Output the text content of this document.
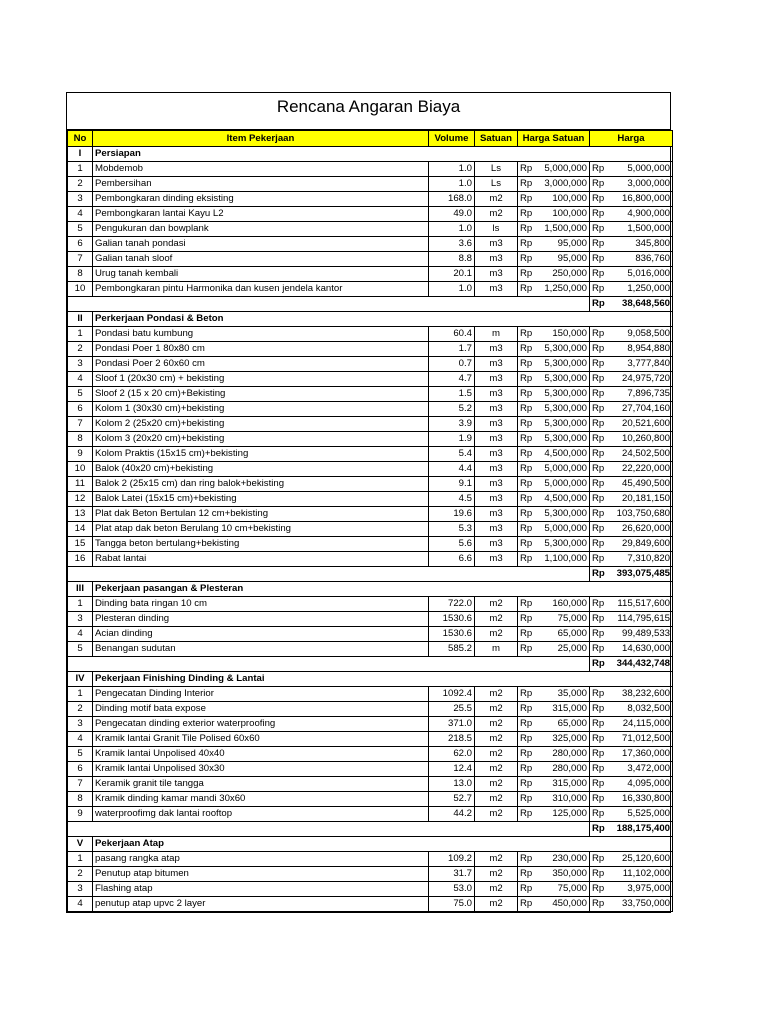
Rencana Angaran Biaya
No	Item Pekerjaan	Volume	Satuan	Harga Satuan	Harga
I	Persiapan				
1	Mobdemob	1.0	Ls	Rp 5,000,000	Rp 5,000,000

2	Pembersihan	1.0	Ls	Rp 3,000,000	Rp 3,000,000

3	Pembongkaran dinding eksisting	168.0	m2	Rp 100,000	Rp 16,800,000

4	Pembongkaran lantai Kayu L2	49.0	m2	Rp 100,000	Rp 4,900,000

5	Pengukuran dan bowplank	1.0	ls	Rp 1,500,000	Rp 1,500,000

6	Galian tanah pondasi	3.6	m3	Rp 95,000	Rp 345,800

7	Galian tanah sloof	8.8	m3	Rp 95,000	Rp 836,760

8	Urug tanah kembali	20.1	m3	Rp 250,000	Rp 5,016,000

10	Pembongkaran pintu Harmonika dan kusen jendela kantor	1.0	m3	Rp 1,250,000	Rp 1,250,000

					Rp 38,648,560

II	Perkerjaan Pondasi & Beton				
1	Pondasi batu kumbung	60.4	m	Rp 150,000	Rp 9,058,500

2	Pondasi Poer 1 80x80 cm	1.7	m3	Rp 5,300,000	Rp 8,954,880

3	Pondasi Poer 2 60x60 cm	0.7	m3	Rp 5,300,000	Rp 3,777,840

4	Sloof 1 (20x30 cm) + bekisting	4.7	m3	Rp 5,300,000	Rp 24,975,720

5	Sloof 2 (15 x 20 cm)+Bekisting	1.5	m3	Rp 5,300,000	Rp 7,896,735

6	Kolom 1 (30x30 cm)+bekisting	5.2	m3	Rp 5,300,000	Rp 27,704,160

7	Kolom 2 (25x20 cm)+bekisting	3.9	m3	Rp 5,300,000	Rp 20,521,600

8	Kolom 3 (20x20 cm)+bekisting	1.9	m3	Rp 5,300,000	Rp 10,260,800

9	Kolom Praktis (15x15 cm)+bekisting	5.4	m3	Rp 4,500,000	Rp 24,502,500

10	Balok (40x20 cm)+bekisting	4.4	m3	Rp 5,000,000	Rp 22,220,000

11	Balok 2 (25x15 cm) dan ring balok+bekisting	9.1	m3	Rp 5,000,000	Rp 45,490,500

12	Balok Latei (15x15 cm)+bekisting	4.5	m3	Rp 4,500,000	Rp 20,181,150

13	Plat dak Beton Bertulan 12 cm+bekisting	19.6	m3	Rp 5,300,000	Rp 103,750,680

14	Plat atap dak beton Berulang 10 cm+bekisting	5.3	m3	Rp 5,000,000	Rp 26,620,000

15	Tangga beton bertulang+bekisting	5.6	m3	Rp 5,300,000	Rp 29,849,600

16	Rabat lantai	6.6	m3	Rp 1,100,000	Rp 7,310,820

					Rp 393,075,485

III	Pekerjaan pasangan & Plesteran				
1	Dinding bata ringan 10 cm	722.0	m2	Rp 160,000	Rp 115,517,600

3	Plesteran dinding	1530.6	m2	Rp 75,000	Rp 114,795,615

4	Acian dinding	1530.6	m2	Rp 65,000	Rp 99,489,533

5	Benangan sudutan	585.2	m	Rp 25,000	Rp 14,630,000

					Rp 344,432,748

IV	Pekerjaan Finishing Dinding & Lantai				
1	Pengecatan Dinding Interior	1092.4	m2	Rp 35,000	Rp 38,232,600

2	Dinding motif bata expose	25.5	m2	Rp 315,000	Rp 8,032,500

3	Pengecatan dinding exterior waterproofing	371.0	m2	Rp 65,000	Rp 24,115,000

4	Kramik lantai Granit Tile Polised 60x60	218.5	m2	Rp 325,000	Rp 71,012,500

5	Kramik lantai Unpolised 40x40	62.0	m2	Rp 280,000	Rp 17,360,000

6	Kramik lantai Unpolised 30x30	12.4	m2	Rp 280,000	Rp 3,472,000

7	Keramik granit tile tangga	13.0	m2	Rp 315,000	Rp 4,095,000

8	Kramik dinding kamar mandi 30x60	52.7	m2	Rp 310,000	Rp 16,330,800

9	waterproofimg dak lantai rooftop	44.2	m2	Rp 125,000	Rp 5,525,000

					Rp 188,175,400

V	Pekerjaan Atap				
1	pasang rangka atap	109.2	m2	Rp 230,000	Rp 25,120,600

2	Penutup atap bitumen	31.7	m2	Rp 350,000	Rp 11,102,000

3	Flashing atap	53.0	m2	Rp 75,000	Rp 3,975,000

4	penutup atap upvc 2 layer	75.0	m2	Rp 450,000	Rp 33,750,000
